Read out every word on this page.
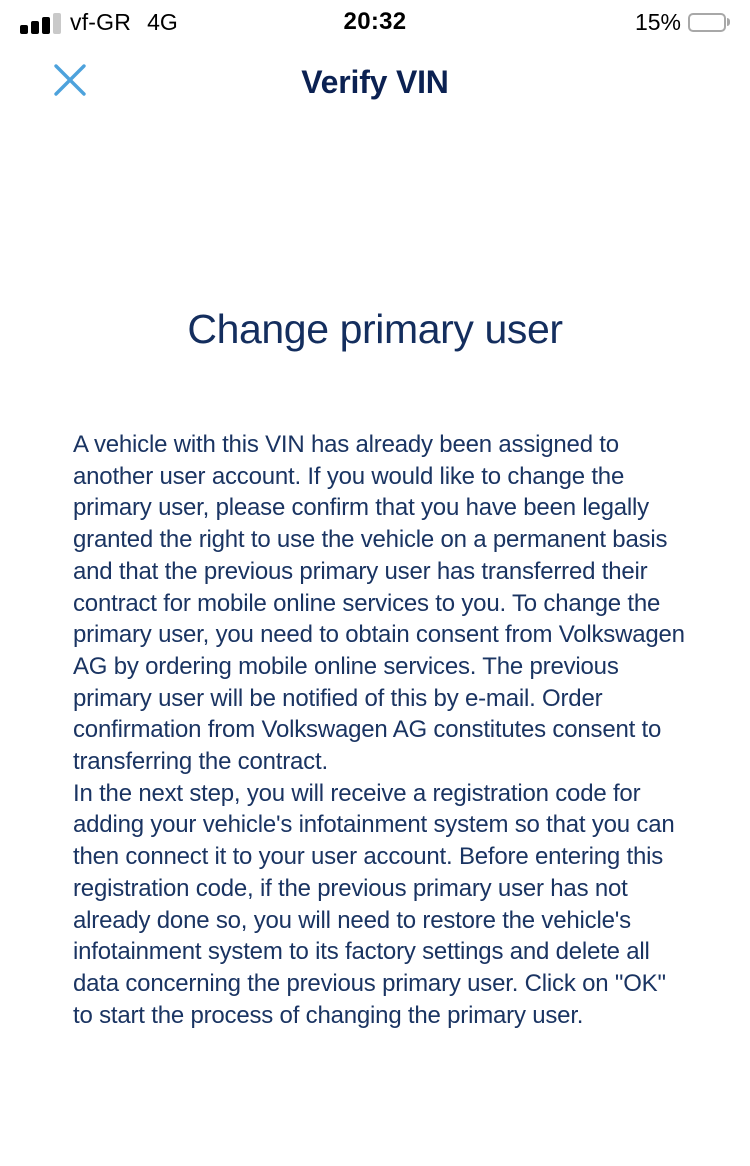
vf-GR 4G	20:32	15%
Verify VIN
Change primary user

A vehicle with this VIN has already been assigned to another user account. If you would like to change the primary user, please confirm that you have been legally granted the right to use the vehicle on a permanent basis and that the previous primary user has transferred their contract for mobile online services to you. To change the primary user, you need to obtain consent from Volkswagen AG by ordering mobile online services. The previous primary user will be notified of this by e-mail. Order confirmation from Volkswagen AG constitutes consent to transferring the contract.

In the next step, you will receive a registration code for adding your vehicle's infotainment system so that you can then connect it to your user account. Before entering this registration code, if the previous primary user has not already done so, you will need to restore the vehicle's infotainment system to its factory settings and delete all data concerning the previous primary user. Click on "OK" to start the process of changing the primary user.
